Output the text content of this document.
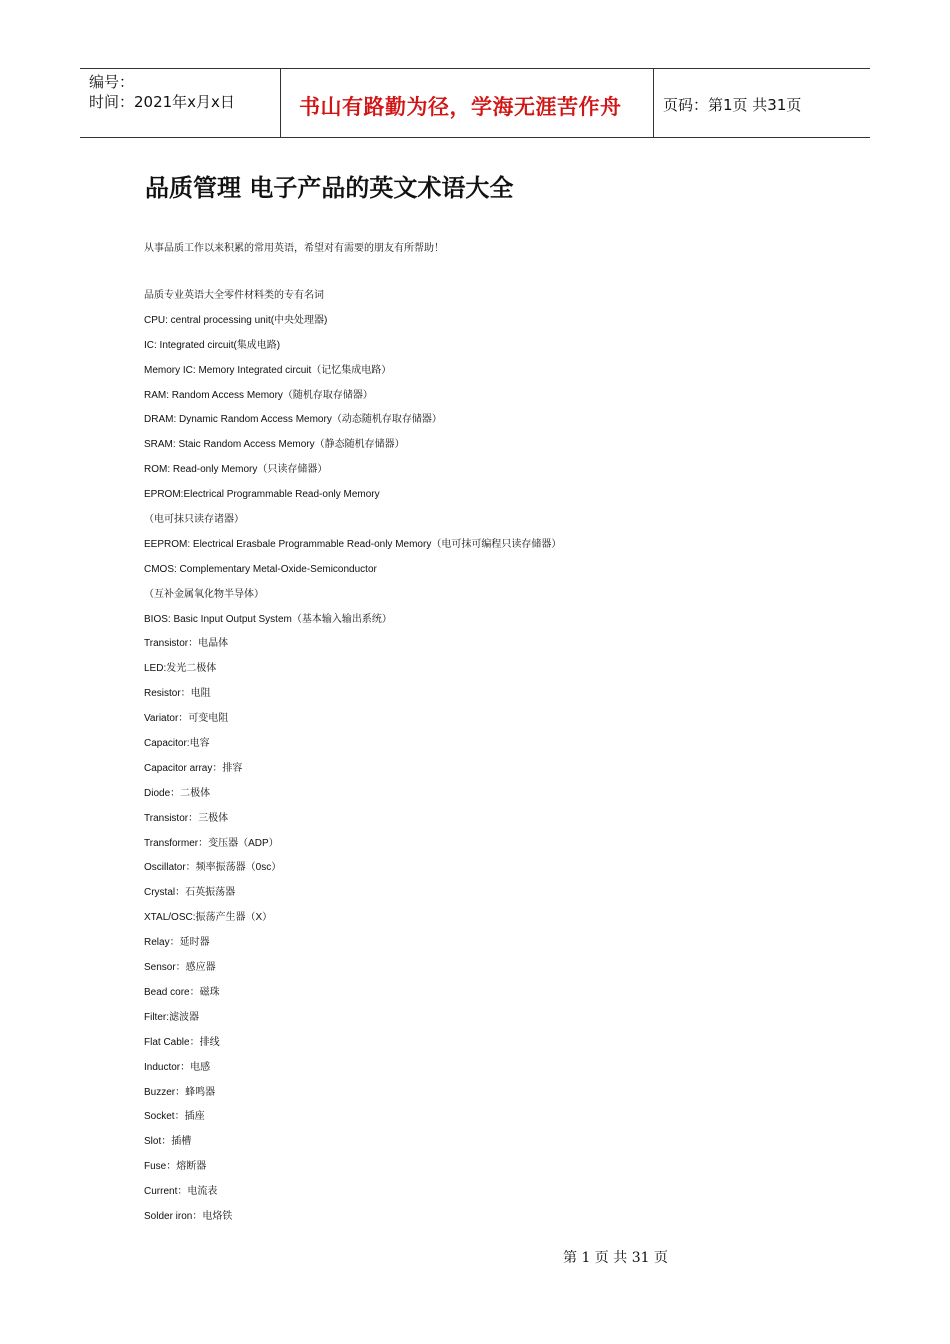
编号：
时间：2021年x月x日	书山有路勤为径，学海无涯苦作舟	页码：第1页 共31页
品质管理 电子产品的英文术语大全
从事品质工作以来积累的常用英语，希望对有需要的朋友有所帮助！
品质专业英语大全零件材料类的专有名词
CPU: central processing unit(中央处理器)
IC: Integrated circuit(集成电路)
Memory IC: Memory Integrated circuit（记忆集成电路）
RAM: Random Access Memory（随机存取存储器）
DRAM: Dynamic Random Access Memory（动态随机存取存储器）
SRAM: Staic Random Access Memory（静态随机存储器）
ROM: Read-only Memory（只读存储器）
EPROM:Electrical Programmable Read-only Memory
（电可抹只读存诸器）
EEPROM: Electrical Erasbale Programmable Read-only Memory（电可抹可编程只读存储器）
CMOS: Complementary Metal-Oxide-Semiconductor
（互补金属氧化物半导体）
BIOS: Basic Input Output System（基本输入输出系统）
Transistor：电晶体
LED:发光二极体
Resistor：电阻
Variator：可变电阻
Capacitor:电容
Capacitor array：排容
Diode：二极体
Transistor：三极体
Transformer：变压器（ADP）
Oscillator：频率振荡器（0sc）
Crystal：石英振荡器
XTAL/OSC:振荡产生器（X）
Relay：延时器
Sensor：感应器
Bead core：磁珠
Filter:滤波器
Flat Cable：排线
Inductor：电感
Buzzer：蜂鸣器
Socket：插座
Slot：插槽
Fuse：熔断器
Current：电流表
Solder iron：电烙铁
第 1 页 共 31 页
